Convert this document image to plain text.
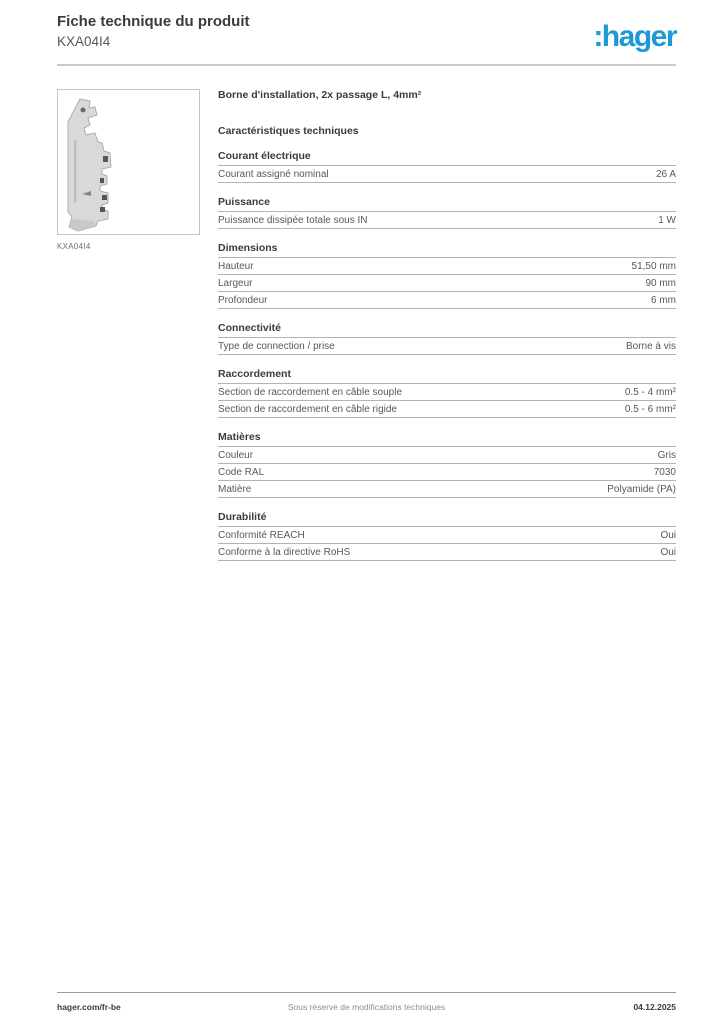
Fiche technique du produit
KXA04I4	:hager
KXA04I4
Borne d'installation, 2x passage L, 4mm²
Caractéristiques techniques
Courant électrique
Courant assigné nominal	26 A
Puissance
Puissance dissipée totale sous IN	1 W
Dimensions
Hauteur	51,50 mm
Largeur	90 mm
Profondeur	6 mm
Connectivité
Type de connection / prise	Borne à vis
Raccordement
Section de raccordement en câble souple	0.5 - 4 mm²
Section de raccordement en câble rigide	0.5 - 6 mm²
Matières
Couleur	Gris
Code RAL	7030
Matière	Polyamide (PA)
Durabilité
Conformité REACH	Oui
Conforme à la directive RoHS	Oui
hager.com/fr-be	Sous réserve de modifications techniques	04.12.2025
